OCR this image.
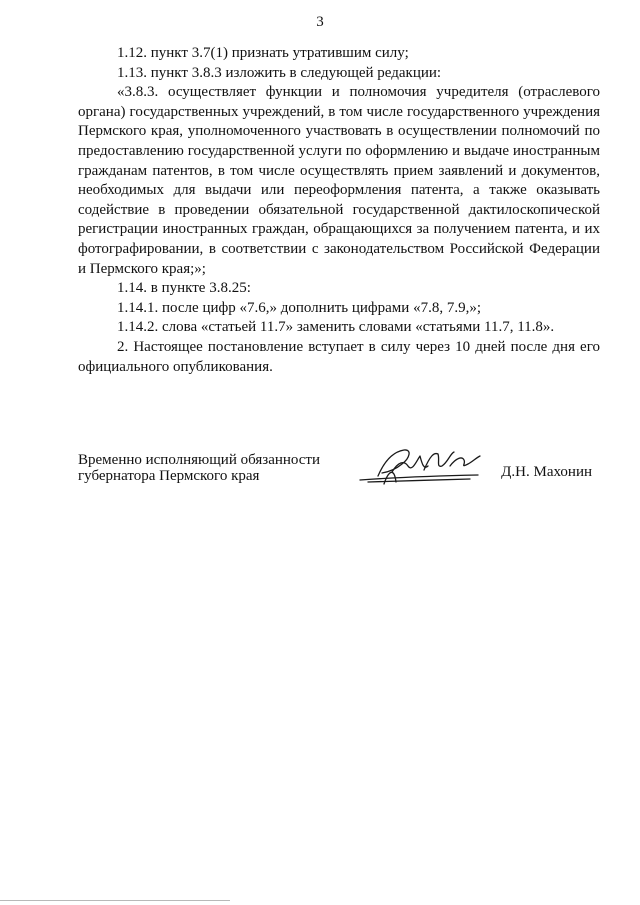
3

1.12. пункт 3.7(1) признать утратившим силу;

1.13. пункт 3.8.3 изложить в следующей редакции:

«3.8.3. осуществляет функции и полномочия учредителя (отраслевого органа) государственных учреждений, в том числе государственного учреждения Пермского края, уполномоченного участвовать в осуществлении полномочий по предоставлению государственной услуги по оформлению и выдаче иностранным гражданам патентов, в том числе осуществлять прием заявлений и документов, необходимых для выдачи или переоформления патента, а также оказывать содействие в проведении обязательной государственной дактилоскопической регистрации иностранных граждан, обращающихся за получением патента, и их фотографировании, в соответствии с законодательством Российской Федерации и Пермского края;»;

1.14. в пункте 3.8.25:

1.14.1. после цифр «7.6,» дополнить цифрами «7.8, 7.9,»;

1.14.2. слова «статьей 11.7» заменить словами «статьями 11.7, 11.8».

2. Настоящее постановление вступает в силу через 10 дней после дня его официального опубликования.

Временно исполняющий обязанности
губернатора Пермского края	Д.Н. Махонин
